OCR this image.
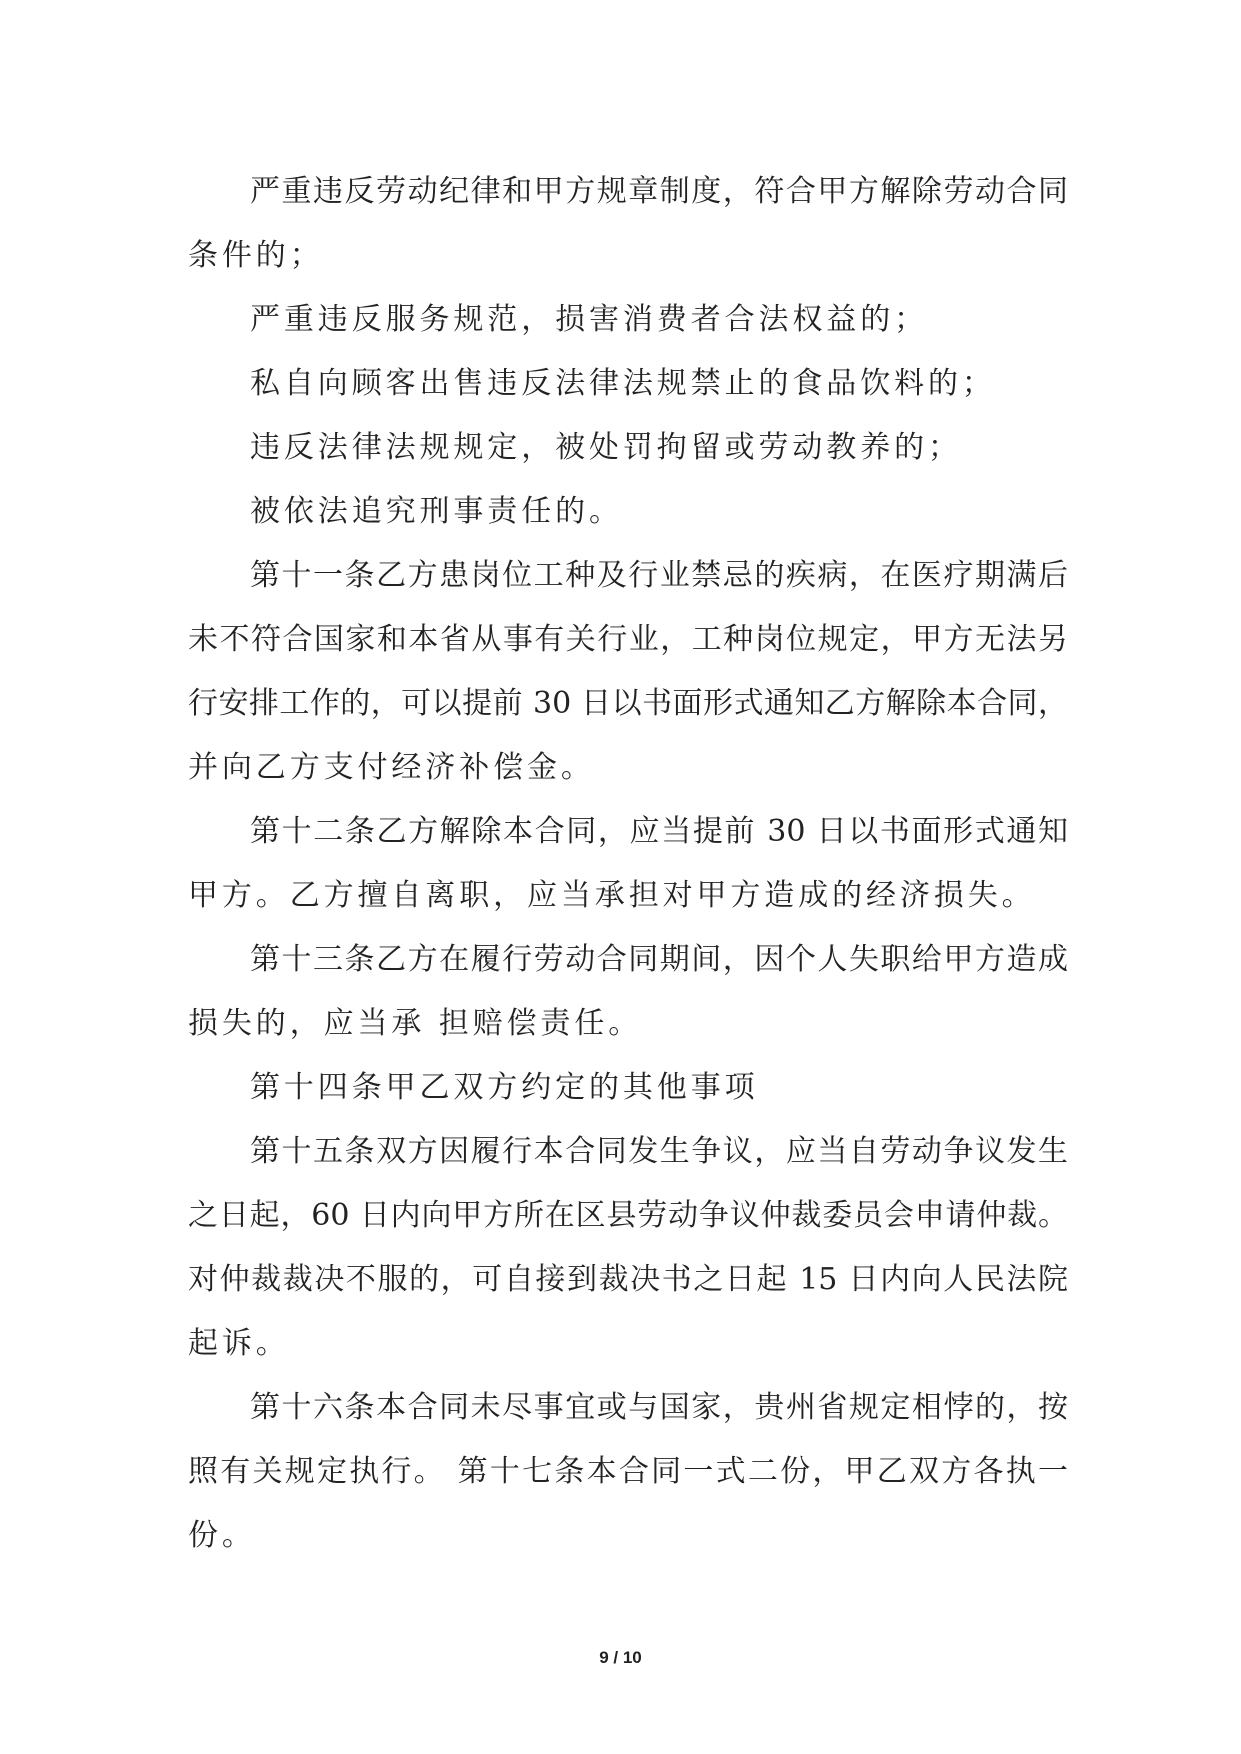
严重违反劳动纪律和甲方规章制度，符合甲方解除劳动合同
条件的；
严重违反服务规范，损害消费者合法权益的；
私自向顾客出售违反法律法规禁止的食品饮料的；
违反法律法规规定，被处罚拘留或劳动教养的；
被依法追究刑事责任的。
第十一条乙方患岗位工种及行业禁忌的疾病，在医疗期满后
未不符合国家和本省从事有关行业，工种岗位规定，甲方无法另
行安排工作的，可以提前 30 日以书面形式通知乙方解除本合同，
并向乙方支付经济补偿金。
第十二条乙方解除本合同，应当提前 30 日以书面形式通知
甲方。乙方擅自离职，应当承担对甲方造成的经济损失。
第十三条乙方在履行劳动合同期间，因个人失职给甲方造成
损失的，应当承 担赔偿责任。
第十四条甲乙双方约定的其他事项
第十五条双方因履行本合同发生争议，应当自劳动争议发生
之日起，60 日内向甲方所在区县劳动争议仲裁委员会申请仲裁。
对仲裁裁决不服的，可自接到裁决书之日起 15 日内向人民法院
起诉。
第十六条本合同未尽事宜或与国家，贵州省规定相悖的，按
照有关规定执行。 第十七条本合同一式二份，甲乙双方各执一
份。
9 / 10
